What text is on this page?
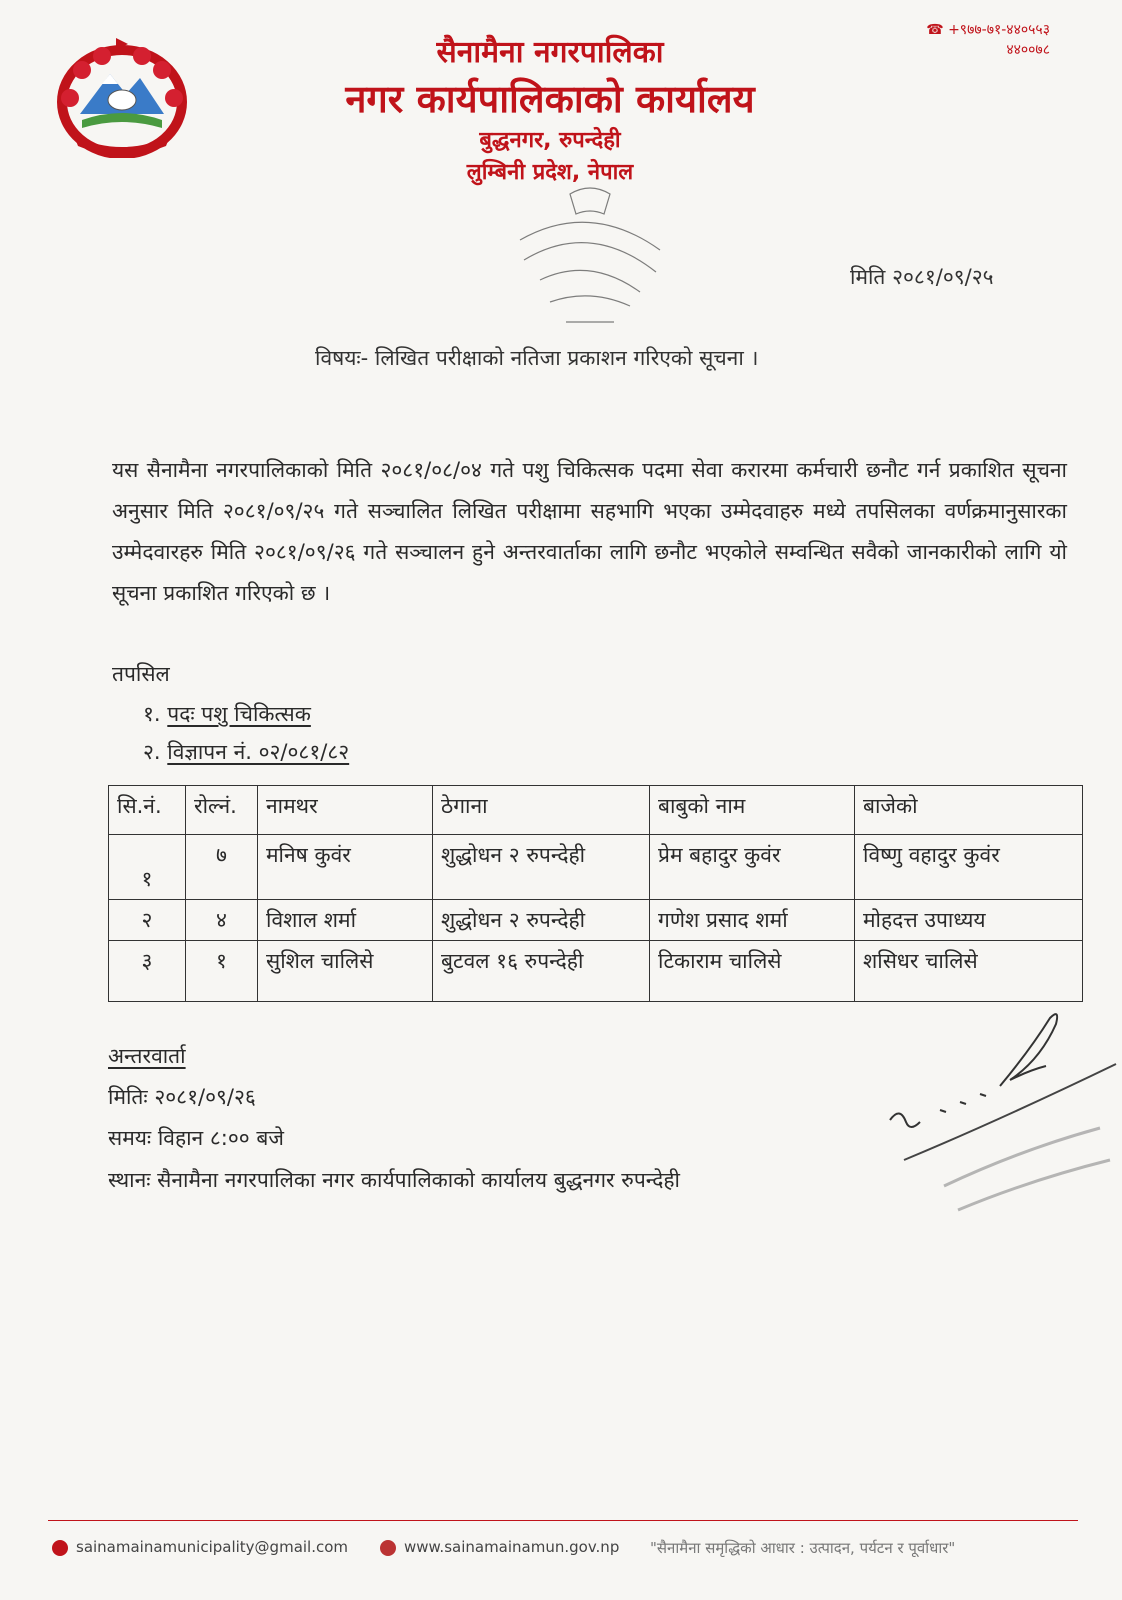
सैनामैना नगरपालिका
नगर कार्यपालिकाको कार्यालय
बुद्धनगर, रुपन्देही
लुम्बिनी प्रदेश, नेपाल
☎ +९७७-७१-४४०५५३
४४००७८
मिति २०८१/०९/२५
विषयः- लिखित परीक्षाको नतिजा प्रकाशन गरिएको सूचना ।
यस सैनामैना नगरपालिकाको मिति २०८१/०८/०४ गते पशु चिकित्सक पदमा सेवा करारमा कर्मचारी छनौट गर्न प्रकाशित सूचना अनुसार मिति २०८१/०९/२५ गते सञ्चालित लिखित परीक्षामा सहभागि भएका उम्मेदवाहरु मध्ये तपसिलका वर्णक्रमानुसारका उम्मेदवारहरु मिति २०८१/०९/२६ गते सञ्चालन हुने अन्तरवार्ताका लागि छनौट भएकोले सम्वन्धित सवैको जानकारीको लागि यो सूचना प्रकाशित गरिएको छ ।
तपसिल
१. पदः पशु चिकित्सक
२. विज्ञापन नं. ०२/०८१/८२
सि.नं.	रोल्नं.	नामथर	ठेगाना	बाबुको नाम	बाजेको
१	७	मनिष कुवंर	शुद्धोधन २ रुपन्देही	प्रेम बहादुर कुवंर	विष्णु वहादुर कुवंर
२	४	विशाल शर्मा	शुद्धोधन २ रुपन्देही	गणेश प्रसाद शर्मा	मोहदत्त उपाध्यय
३	१	सुशिल चालिसे	बुटवल १६ रुपन्देही	टिकाराम चालिसे	शसिधर चालिसे
अन्तरवार्ता
मितिः २०८१/०९/२६
समयः विहान ८:०० बजे
स्थानः सैनामैना नगरपालिका नगर कार्यपालिकाको कार्यालय बुद्धनगर रुपन्देही
sainamainamunicipality@gmail.com	www.sainamainamun.gov.np "सैनामैना समृद्धिको आधार : उत्पादन, पर्यटन र पूर्वाधार"
